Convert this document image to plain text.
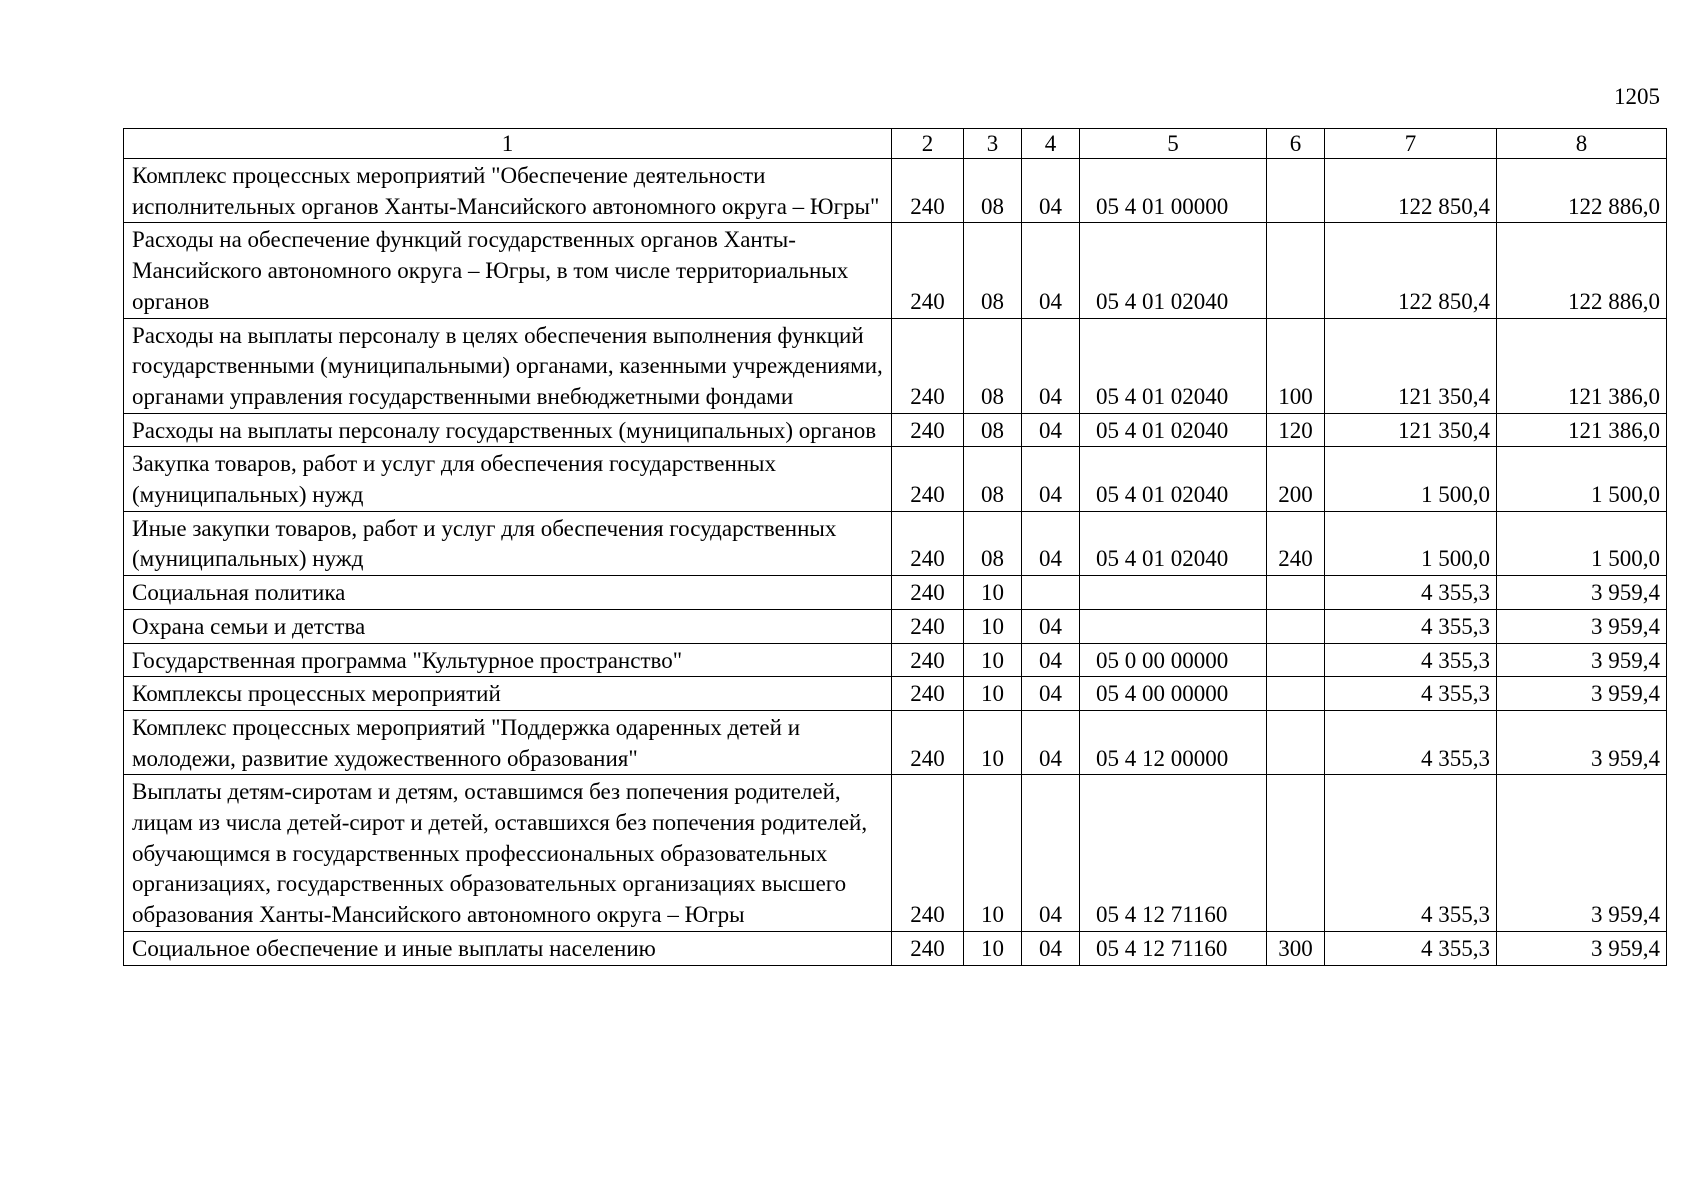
1205
1	2	3	4	5	6	7	8
Комплекс процессных мероприятий "Обеспечение деятельности исполнительных органов Ханты-Мансийского автономного округа – Югры"	240	08	04	05 4 01 00000		122 850,4	122 886,0
Расходы на обеспечение функций государственных органов Ханты-Мансийского автономного округа – Югры, в том числе территориальных органов	240	08	04	05 4 01 02040		122 850,4	122 886,0
Расходы на выплаты персоналу в целях обеспечения выполнения функций государственными (муниципальными) органами, казенными учреждениями, органами управления государственными внебюджетными фондами	240	08	04	05 4 01 02040	100	121 350,4	121 386,0
Расходы на выплаты персоналу государственных (муниципальных) органов	240	08	04	05 4 01 02040	120	121 350,4	121 386,0
Закупка товаров, работ и услуг для обеспечения государственных (муниципальных) нужд	240	08	04	05 4 01 02040	200	1 500,0	1 500,0
Иные закупки товаров, работ и услуг для обеспечения государственных (муниципальных) нужд	240	08	04	05 4 01 02040	240	1 500,0	1 500,0
Социальная политика	240	10				4 355,3	3 959,4
Охрана семьи и детства	240	10	04			4 355,3	3 959,4
Государственная программа "Культурное пространство"	240	10	04	05 0 00 00000		4 355,3	3 959,4
Комплексы процессных мероприятий	240	10	04	05 4 00 00000		4 355,3	3 959,4
Комплекс процессных мероприятий "Поддержка одаренных детей и молодежи, развитие художественного образования"	240	10	04	05 4 12 00000		4 355,3	3 959,4
Выплаты детям-сиротам и детям, оставшимся без попечения родителей, лицам из числа детей-сирот и детей, оставшихся без попечения родителей, обучающимся в государственных профессиональных образовательных организациях, государственных образовательных организациях высшего образования Ханты-Мансийского автономного округа – Югры	240	10	04	05 4 12 71160		4 355,3	3 959,4
Социальное обеспечение и иные выплаты населению	240	10	04	05 4 12 71160	300	4 355,3	3 959,4
